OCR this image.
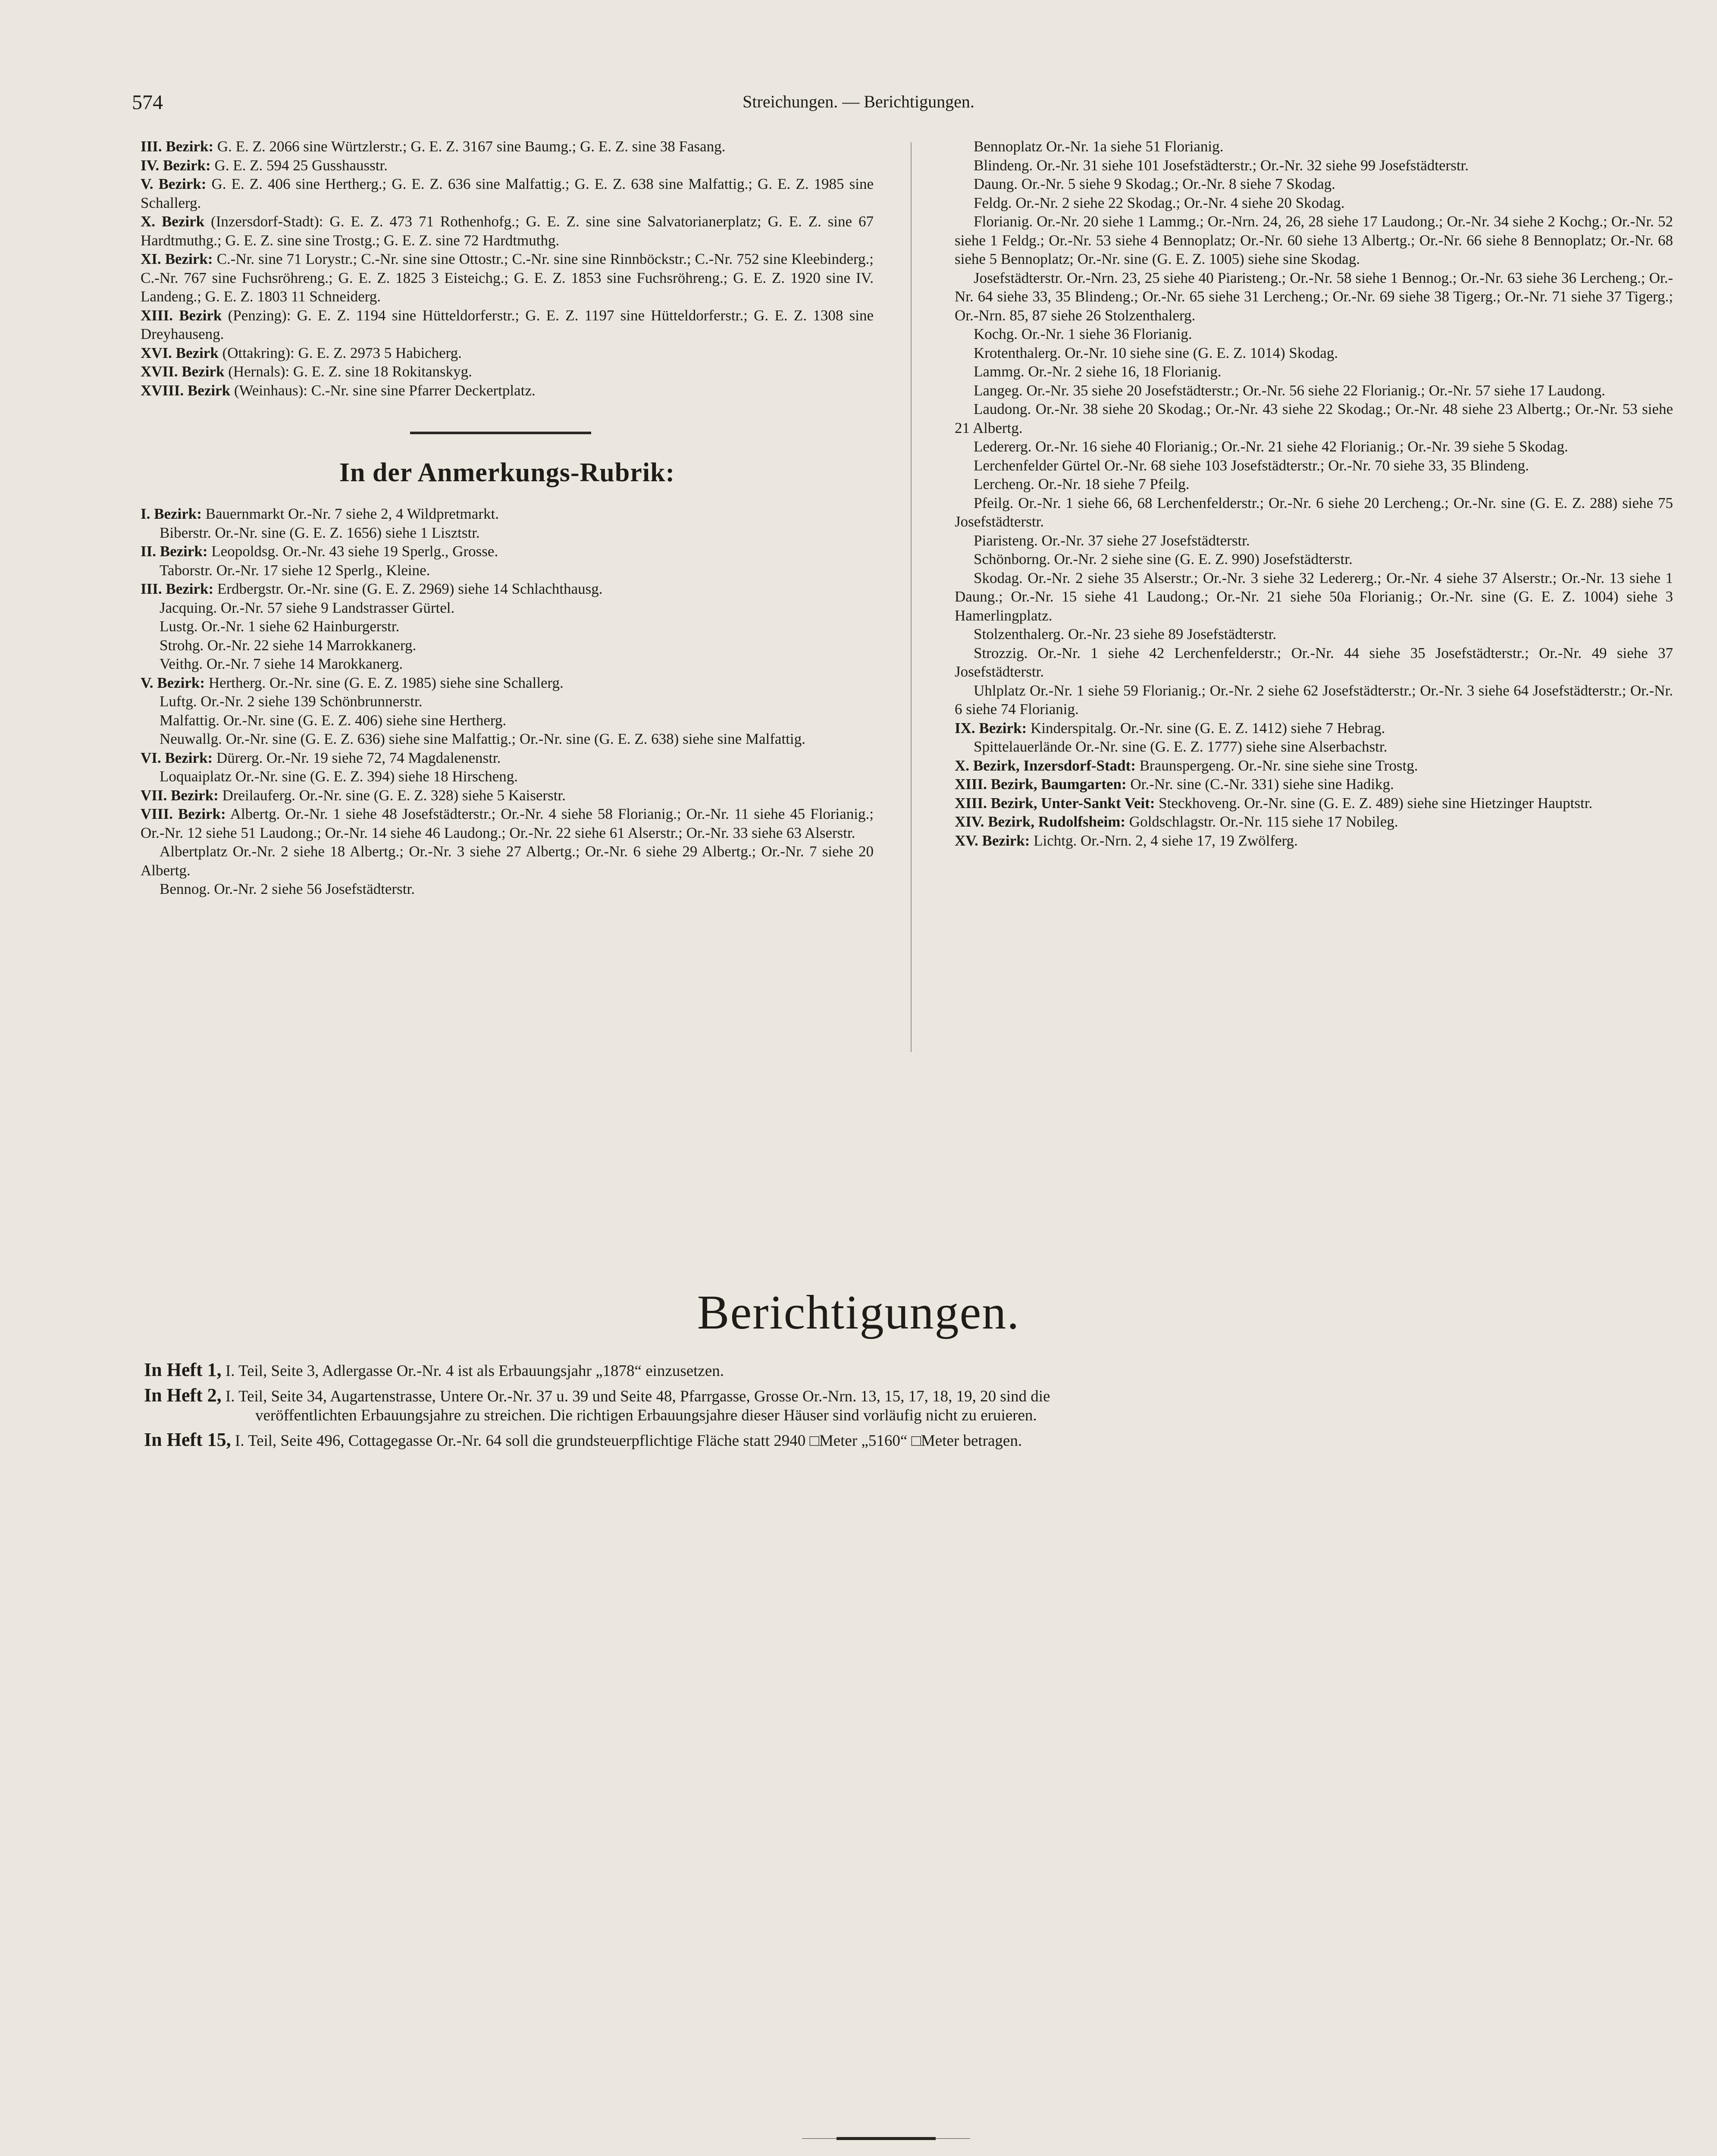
574	Streichungen. — Berichtigungen.

III. Bezirk: G. E. Z. 2066 sine Würtzlerstr.; G. E. Z. 3167 sine Baumg.; G. E. Z. sine 38 Fasang.

IV. Bezirk: G. E. Z. 594 25 Gusshausstr.

V. Bezirk: G. E. Z. 406 sine Hertherg.; G. E. Z. 636 sine Malfattig.; G. E. Z. 638 sine Malfattig.; G. E. Z. 1985 sine Schallerg.

X. Bezirk (Inzersdorf-Stadt): G. E. Z. 473 71 Rothenhofg.; G. E. Z. sine sine Salvatorianerplatz; G. E. Z. sine 67 Hardtmuthg.; G. E. Z. sine sine Trostg.; G. E. Z. sine 72 Hardtmuthg.

XI. Bezirk: C.-Nr. sine 71 Lorystr.; C.-Nr. sine sine Ottostr.; C.-Nr. sine sine Rinnböckstr.; C.-Nr. 752 sine Kleebinderg.; C.-Nr. 767 sine Fuchsröhreng.; G. E. Z. 1825 3 Eisteichg.; G. E. Z. 1853 sine Fuchsröhreng.; G. E. Z. 1920 sine IV. Landeng.; G. E. Z. 1803 11 Schneiderg.

XIII. Bezirk (Penzing): G. E. Z. 1194 sine Hütteldorferstr.; G. E. Z. 1197 sine Hütteldorferstr.; G. E. Z. 1308 sine Dreyhauseng.

XVI. Bezirk (Ottakring): G. E. Z. 2973 5 Habicherg.

XVII. Bezirk (Hernals): G. E. Z. sine 18 Rokitanskyg.

XVIII. Bezirk (Weinhaus): C.-Nr. sine sine Pfarrer Deckertplatz.

In der Anmerkungs-Rubrik:

I. Bezirk: Bauernmarkt Or.-Nr. 7 siehe 2, 4 Wildpretmarkt.

Biberstr. Or.-Nr. sine (G. E. Z. 1656) siehe 1 Lisztstr.

II. Bezirk: Leopoldsg. Or.-Nr. 43 siehe 19 Sperlg., Grosse.

Taborstr. Or.-Nr. 17 siehe 12 Sperlg., Kleine.

III. Bezirk: Erdbergstr. Or.-Nr. sine (G. E. Z. 2969) siehe 14 Schlachthausg.

Jacquing. Or.-Nr. 57 siehe 9 Landstrasser Gürtel.

Lustg. Or.-Nr. 1 siehe 62 Hainburgerstr.

Strohg. Or.-Nr. 22 siehe 14 Marrokkanerg.

Veithg. Or.-Nr. 7 siehe 14 Marokkanerg.

V. Bezirk: Hertherg. Or.-Nr. sine (G. E. Z. 1985) siehe sine Schallerg.

Luftg. Or.-Nr. 2 siehe 139 Schönbrunnerstr.

Malfattig. Or.-Nr. sine (G. E. Z. 406) siehe sine Hertherg.

Neuwallg. Or.-Nr. sine (G. E. Z. 636) siehe sine Malfattig.; Or.-Nr. sine (G. E. Z. 638) siehe sine Malfattig.

VI. Bezirk: Dürerg. Or.-Nr. 19 siehe 72, 74 Magdalenenstr.

Loquaiplatz Or.-Nr. sine (G. E. Z. 394) siehe 18 Hirscheng.

VII. Bezirk: Dreilauferg. Or.-Nr. sine (G. E. Z. 328) siehe 5 Kaiserstr.

VIII. Bezirk: Albertg. Or.-Nr. 1 siehe 48 Josefstädterstr.; Or.-Nr. 4 siehe 58 Florianig.; Or.-Nr. 11 siehe 45 Florianig.; Or.-Nr. 12 siehe 51 Laudong.; Or.-Nr. 14 siehe 46 Laudong.; Or.-Nr. 22 siehe 61 Alserstr.; Or.-Nr. 33 siehe 63 Alserstr.

Albertplatz Or.-Nr. 2 siehe 18 Albertg.; Or.-Nr. 3 siehe 27 Albertg.; Or.-Nr. 6 siehe 29 Albertg.; Or.-Nr. 7 siehe 20 Albertg.

Bennog. Or.-Nr. 2 siehe 56 Josefstädterstr.

Bennoplatz Or.-Nr. 1a siehe 51 Florianig.

Blindeng. Or.-Nr. 31 siehe 101 Josefstädterstr.; Or.-Nr. 32 siehe 99 Josefstädterstr.

Daung. Or.-Nr. 5 siehe 9 Skodag.; Or.-Nr. 8 siehe 7 Skodag.

Feldg. Or.-Nr. 2 siehe 22 Skodag.; Or.-Nr. 4 siehe 20 Skodag.

Florianig. Or.-Nr. 20 siehe 1 Lammg.; Or.-Nrn. 24, 26, 28 siehe 17 Laudong.; Or.-Nr. 34 siehe 2 Kochg.; Or.-Nr. 52 siehe 1 Feldg.; Or.-Nr. 53 siehe 4 Bennoplatz; Or.-Nr. 60 siehe 13 Albertg.; Or.-Nr. 66 siehe 8 Bennoplatz; Or.-Nr. 68 siehe 5 Bennoplatz; Or.-Nr. sine (G. E. Z. 1005) siehe sine Skodag.

Josefstädterstr. Or.-Nrn. 23, 25 siehe 40 Piaristeng.; Or.-Nr. 58 siehe 1 Bennog.; Or.-Nr. 63 siehe 36 Lercheng.; Or.-Nr. 64 siehe 33, 35 Blindeng.; Or.-Nr. 65 siehe 31 Lercheng.; Or.-Nr. 69 siehe 38 Tigerg.; Or.-Nr. 71 siehe 37 Tigerg.; Or.-Nrn. 85, 87 siehe 26 Stolzenthalerg.

Kochg. Or.-Nr. 1 siehe 36 Florianig.

Krotenthalerg. Or.-Nr. 10 siehe sine (G. E. Z. 1014) Skodag.

Lammg. Or.-Nr. 2 siehe 16, 18 Florianig.

Langeg. Or.-Nr. 35 siehe 20 Josefstädterstr.; Or.-Nr. 56 siehe 22 Florianig.; Or.-Nr. 57 siehe 17 Laudong.

Laudong. Or.-Nr. 38 siehe 20 Skodag.; Or.-Nr. 43 siehe 22 Skodag.; Or.-Nr. 48 siehe 23 Albertg.; Or.-Nr. 53 siehe 21 Albertg.

Ledererg. Or.-Nr. 16 siehe 40 Florianig.; Or.-Nr. 21 siehe 42 Florianig.; Or.-Nr. 39 siehe 5 Skodag.

Lerchenfelder Gürtel Or.-Nr. 68 siehe 103 Josefstädterstr.; Or.-Nr. 70 siehe 33, 35 Blindeng.

Lercheng. Or.-Nr. 18 siehe 7 Pfeilg.

Pfeilg. Or.-Nr. 1 siehe 66, 68 Lerchenfelderstr.; Or.-Nr. 6 siehe 20 Lercheng.; Or.-Nr. sine (G. E. Z. 288) siehe 75 Josefstädterstr.

Piaristeng. Or.-Nr. 37 siehe 27 Josefstädterstr.

Schönborng. Or.-Nr. 2 siehe sine (G. E. Z. 990) Josefstädterstr.

Skodag. Or.-Nr. 2 siehe 35 Alserstr.; Or.-Nr. 3 siehe 32 Ledererg.; Or.-Nr. 4 siehe 37 Alserstr.; Or.-Nr. 13 siehe 1 Daung.; Or.-Nr. 15 siehe 41 Laudong.; Or.-Nr. 21 siehe 50a Florianig.; Or.-Nr. sine (G. E. Z. 1004) siehe 3 Hamerlingplatz.

Stolzenthalerg. Or.-Nr. 23 siehe 89 Josefstädterstr.

Strozzig. Or.-Nr. 1 siehe 42 Lerchenfelderstr.; Or.-Nr. 44 siehe 35 Josefstädterstr.; Or.-Nr. 49 siehe 37 Josefstädterstr.

Uhlplatz Or.-Nr. 1 siehe 59 Florianig.; Or.-Nr. 2 siehe 62 Josefstädterstr.; Or.-Nr. 3 siehe 64 Josefstädterstr.; Or.-Nr. 6 siehe 74 Florianig.

IX. Bezirk: Kinderspitalg. Or.-Nr. sine (G. E. Z. 1412) siehe 7 Hebrag.

Spittelauerlände Or.-Nr. sine (G. E. Z. 1777) siehe sine Alserbachstr.

X. Bezirk, Inzersdorf-Stadt: Braunspergeng. Or.-Nr. sine siehe sine Trostg.

XIII. Bezirk, Baumgarten: Or.-Nr. sine (C.-Nr. 331) siehe sine Hadikg.

XIII. Bezirk, Unter-Sankt Veit: Steckhoveng. Or.-Nr. sine (G. E. Z. 489) siehe sine Hietzinger Hauptstr.

XIV. Bezirk, Rudolfsheim: Goldschlagstr. Or.-Nr. 115 siehe 17 Nobileg.

XV. Bezirk: Lichtg. Or.-Nrn. 2, 4 siehe 17, 19 Zwölferg.

Berichtigungen.

In Heft 1, I. Teil, Seite 3, Adlergasse Or.-Nr. 4 ist als Erbauungsjahr „1878“ einzusetzen.

In Heft 2, I. Teil, Seite 34, Augartenstrasse, Untere Or.-Nr. 37 u. 39 und Seite 48, Pfarrgasse, Grosse Or.-Nrn. 13, 15, 17, 18, 19, 20 sind die
veröffentlichten Erbauungsjahre zu streichen. Die richtigen Erbauungsjahre dieser Häuser sind vorläufig nicht zu eruieren.

In Heft 15, I. Teil, Seite 496, Cottagegasse Or.-Nr. 64 soll die grundsteuerpflichtige Fläche statt 2940 □Meter „5160“ □Meter betragen.
